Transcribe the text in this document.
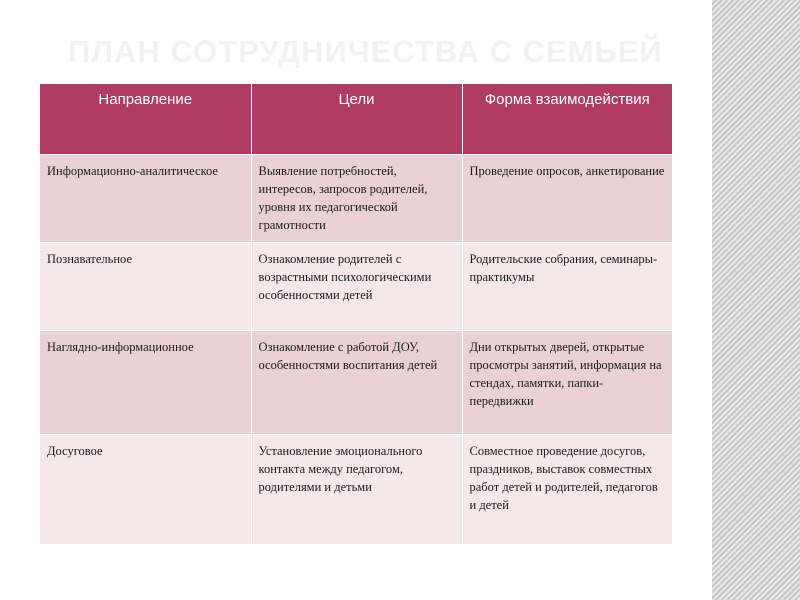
ПЛАН СОТРУДНИЧЕСТВА С СЕМЬЕЙ
Направление	Цели	Форма взаимодействия
Информационно-аналитическое	Выявление потребностей, интересов, запросов родителей, уровня их педагогической грамотности	Проведение опросов, анкетирование
Познавательное	Ознакомление родителей с возрастными психологическими особенностями детей	Родительские собрания, семинары-практикумы
Наглядно-информационное	Ознакомление с работой ДОУ, особенностями воспитания детей	Дни открытых дверей, открытые просмотры занятий, информация на стендах, памятки, папки-передвижки
Досуговое	Установление эмоционального контакта между педагогом, родителями и детьми	Совместное проведение досугов, праздников, выставок совместных работ детей и родителей, педагогов и детей
